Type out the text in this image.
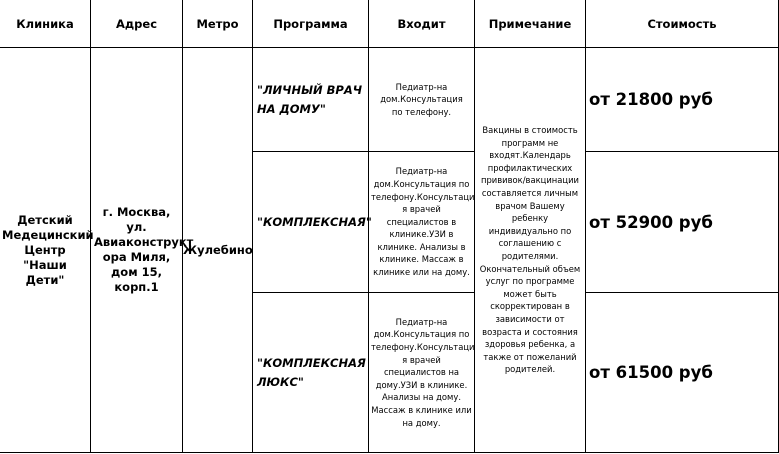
Клиника	Адрес	Метро	Программа	Входит	Примечание	Стоимость
Детский Медецинский Центр "Наши Дети"	г. Москва, ул. Авиаконструкт ора Миля, дом 15, корп.1	Жулебино	"ЛИЧНЫЙ ВРАЧ НА ДОМУ"	Педиатр-на дом.Консультация по телефону.	Вакцины в стоимость программ не входят.Календарь профилактических прививок/вакцинации составляется личным врачом Вашему ребенку индивидуально по соглашению с родителями. Окончательный объем услуг по программе может быть скорректирован в зависимости от возраста и состояния здоровья ребенка, а также от пожеланий родителей.	от 21800 руб
			"КОМПЛЕКСНАЯ"	Педиатр-на дом.Консультация по телефону.Консультаци я врачей специалистов в клинике.УЗИ в клинике. Анализы в клинике. Массаж в клинике или на дому.		от 52900 руб
			"КОМПЛЕКСНАЯ ЛЮКС"	Педиатр-на дом.Консультация по телефону.Консультаци я врачей специалистов на дому.УЗИ в клинике. Анализы на дому. Массаж в клинике или на дому.		от 61500 руб
